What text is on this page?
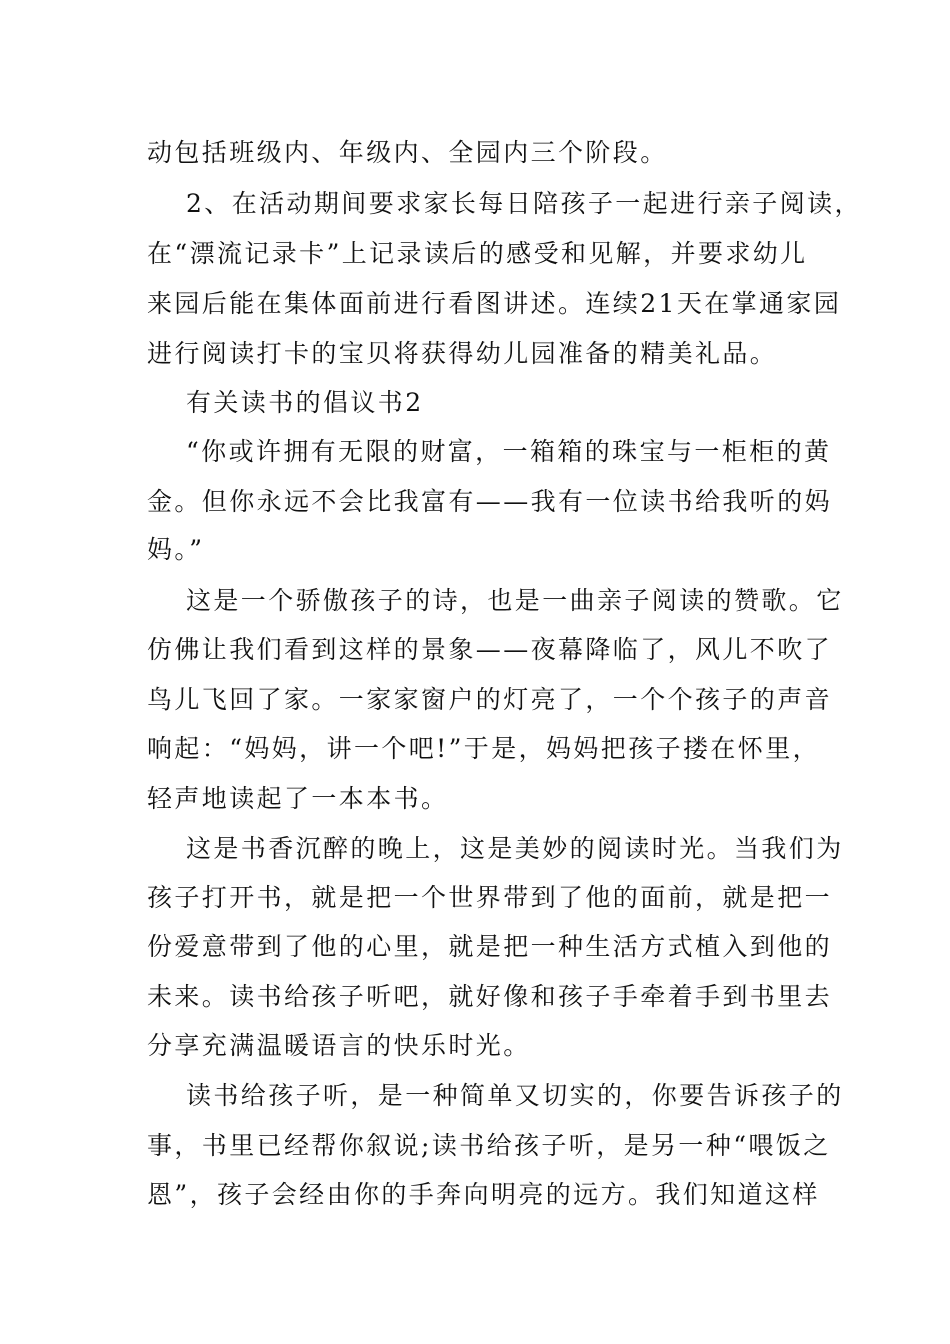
动包括班级内、年级内、全园内三个阶段。
2、在活动期间要求家长每日陪孩子一起进行亲子阅读，
在“漂流记录卡”上记录读后的感受和见解，并要求幼儿
来园后能在集体面前进行看图讲述。连续21天在掌通家园
进行阅读打卡的宝贝将获得幼儿园准备的精美礼品。
有关读书的倡议书2
“你或许拥有无限的财富，一箱箱的珠宝与一柜柜的黄
金。但你永远不会比我富有——我有一位读书给我听的妈
妈。”
这是一个骄傲孩子的诗，也是一曲亲子阅读的赞歌。它
仿佛让我们看到这样的景象——夜幕降临了，风儿不吹了
鸟儿飞回了家。一家家窗户的灯亮了，一个个孩子的声音
响起：“妈妈，讲一个吧!”于是，妈妈把孩子搂在怀里，
轻声地读起了一本本书。
这是书香沉醉的晚上，这是美妙的阅读时光。当我们为
孩子打开书，就是把一个世界带到了他的面前，就是把一
份爱意带到了他的心里，就是把一种生活方式植入到他的
未来。读书给孩子听吧，就好像和孩子手牵着手到书里去
分享充满温暖语言的快乐时光。
读书给孩子听，是一种简单又切实的，你要告诉孩子的
事，书里已经帮你叙说;读书给孩子听，是另一种“喂饭之
恩”，孩子会经由你的手奔向明亮的远方。我们知道这样
